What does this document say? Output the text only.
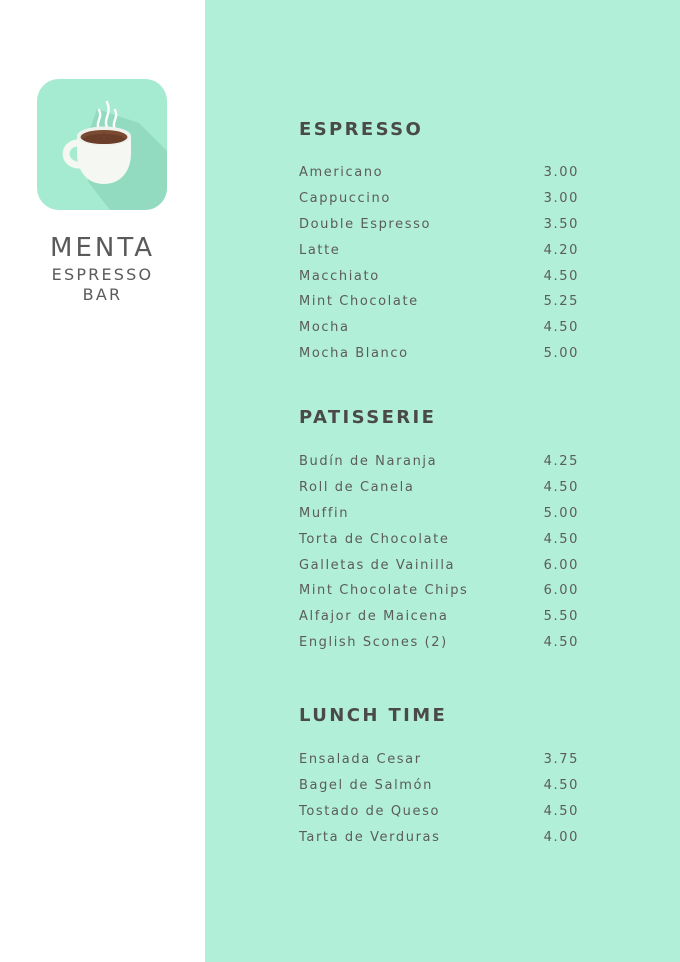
MENTA
ESPRESSO
BAR
ESPRESSO
Americano	3.00
Cappuccino	3.00
Double Espresso	3.50
Latte	4.20
Macchiato	4.50
Mint Chocolate	5.25
Mocha	4.50
Mocha Blanco	5.00
PATISSERIE
Budín de Naranja	4.25
Roll de Canela	4.50
Muffin	5.00
Torta de Chocolate	4.50
Galletas de Vainilla	6.00
Mint Chocolate Chips	6.00
Alfajor de Maicena	5.50
English Scones (2)	4.50
LUNCH TIME
Ensalada Cesar	3.75
Bagel de Salmón	4.50
Tostado de Queso	4.50
Tarta de Verduras	4.00
